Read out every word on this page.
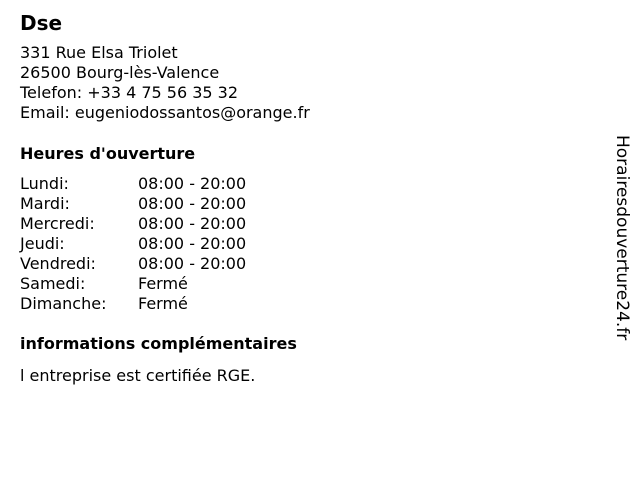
Dse
331 Rue Elsa Triolet
26500 Bourg-lès-Valence
Telefon: +33 4 75 56 35 32
Email: eugeniodossantos@orange.fr
Heures d'ouverture
Lundi:	08:00 - 20:00
Mardi:	08:00 - 20:00
Mercredi:	08:00 - 20:00
Jeudi:	08:00 - 20:00
Vendredi:	08:00 - 20:00
Samedi:	Fermé
Dimanche: Fermé
informations complémentaires
l entreprise est certifiée RGE.
Horairesdouverture24.fr
